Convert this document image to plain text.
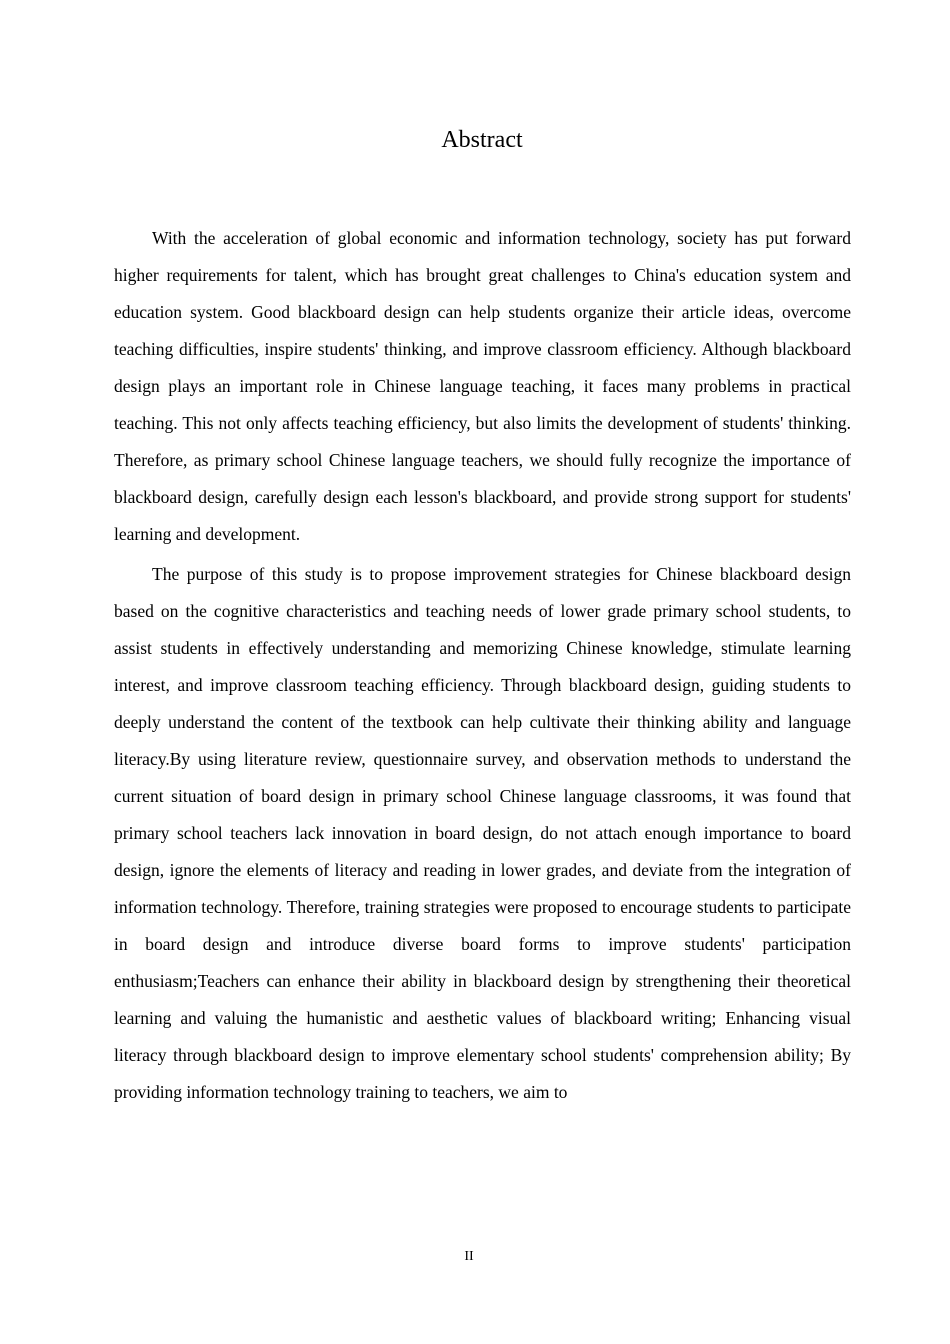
Abstract

With the acceleration of global economic and information technology, society has put forward higher requirements for talent, which has brought great challenges to China's education system and education system. Good blackboard design can help students organize their article ideas, overcome teaching difficulties, inspire students' thinking, and improve classroom efficiency. Although blackboard design plays an important role in Chinese language teaching, it faces many problems in practical teaching. This not only affects teaching efficiency, but also limits the development of students' thinking. Therefore, as primary school Chinese language teachers, we should fully recognize the importance of blackboard design, carefully design each lesson's blackboard, and provide strong support for students' learning and development.

The purpose of this study is to propose improvement strategies for Chinese blackboard design based on the cognitive characteristics and teaching needs of lower grade primary school students, to assist students in effectively understanding and memorizing Chinese knowledge, stimulate learning interest, and improve classroom teaching efficiency. Through blackboard design, guiding students to deeply understand the content of the textbook can help cultivate their thinking ability and language literacy.By using literature review, questionnaire survey, and observation methods to understand the current situation of board design in primary school Chinese language classrooms, it was found that primary school teachers lack innovation in board design, do not attach enough importance to board design, ignore the elements of literacy and reading in lower grades, and deviate from the integration of information technology. Therefore, training strategies were proposed to encourage students to participate in board design and introduce diverse board forms to improve students' participation enthusiasm;Teachers can enhance their ability in blackboard design by strengthening their theoretical learning and valuing the humanistic and aesthetic values of blackboard writing; Enhancing visual literacy through blackboard design to improve elementary school students' comprehension ability; By providing information technology training to teachers, we aim to

II
